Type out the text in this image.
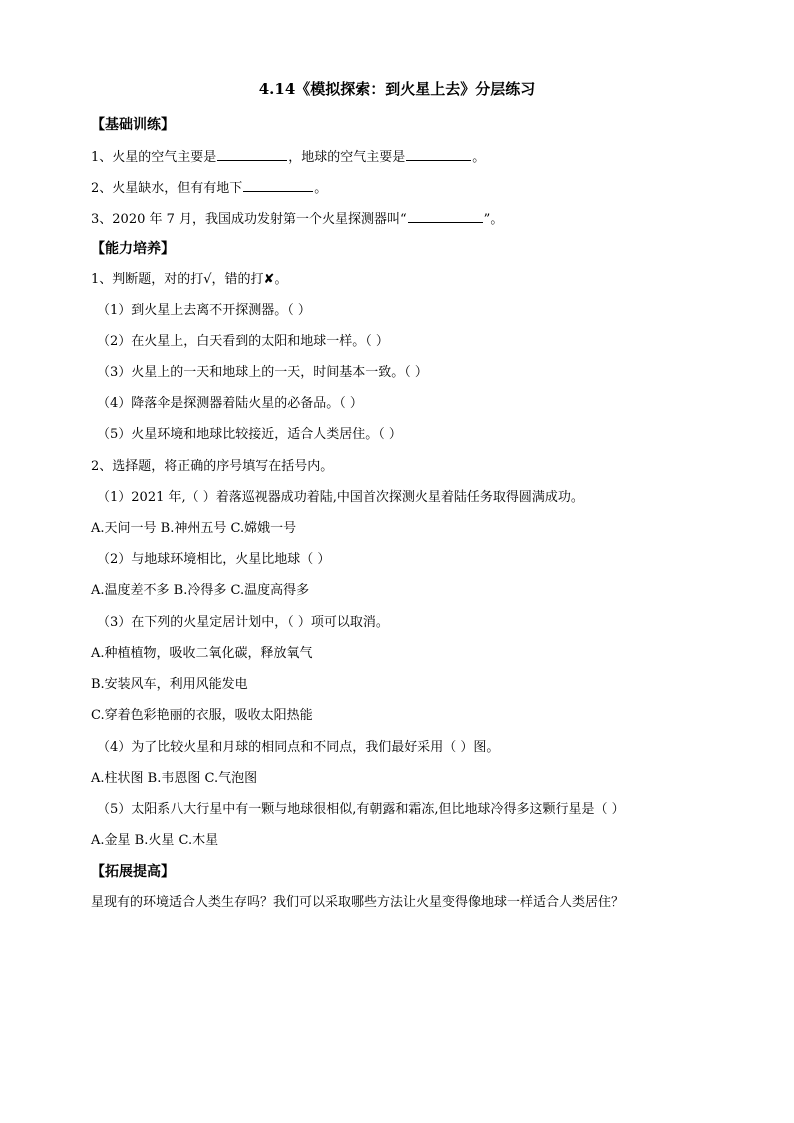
4.14《模拟探索：到火星上去》分层练习
【基础训练】
1、火星的空气主要是	，地球的空气主要是	。
2、火星缺水，但有有地下	。
3、2020 年 7 月，我国成功发射第一个火星探测器叫“	”。
【能力培养】
1、判断题，对的打√，错的打✘。
（1）到火星上去离不开探测器。（ ）
（2）在火星上，白天看到的太阳和地球一样。（ ）
（3）火星上的一天和地球上的一天，时间基本一致。（ ）
（4）降落伞是探测器着陆火星的必备品。（ ）
（5）火星环境和地球比较接近，适合人类居住。（ ）
2、选择题，将正确的序号填写在括号内。
（1）2021 年,（ ）着落巡视器成功着陆,中国首次探测火星着陆任务取得圆满成功。
A.天问一号 B.神州五号 C.嫦娥一号
（2）与地球环境相比，火星比地球（ ）
A.温度差不多 B.冷得多 C.温度高得多
（3）在下列的火星定居计划中，（ ）项可以取消。
A.种植植物，吸收二氧化碳，释放氧气
B.安装风车，利用风能发电
C.穿着色彩艳丽的衣服，吸收太阳热能
（4）为了比较火星和月球的相同点和不同点，我们最好采用（ ）图。
A.柱状图 B.韦恩图 C.气泡图
（5）太阳系八大行星中有一颗与地球很相似,有朝露和霜冻,但比地球冷得多这颗行星是（ ）
A.金星 B.火星 C.木星
【拓展提高】
星现有的环境适合人类生存吗？我们可以采取哪些方法让火星变得像地球一样适合人类居住？
